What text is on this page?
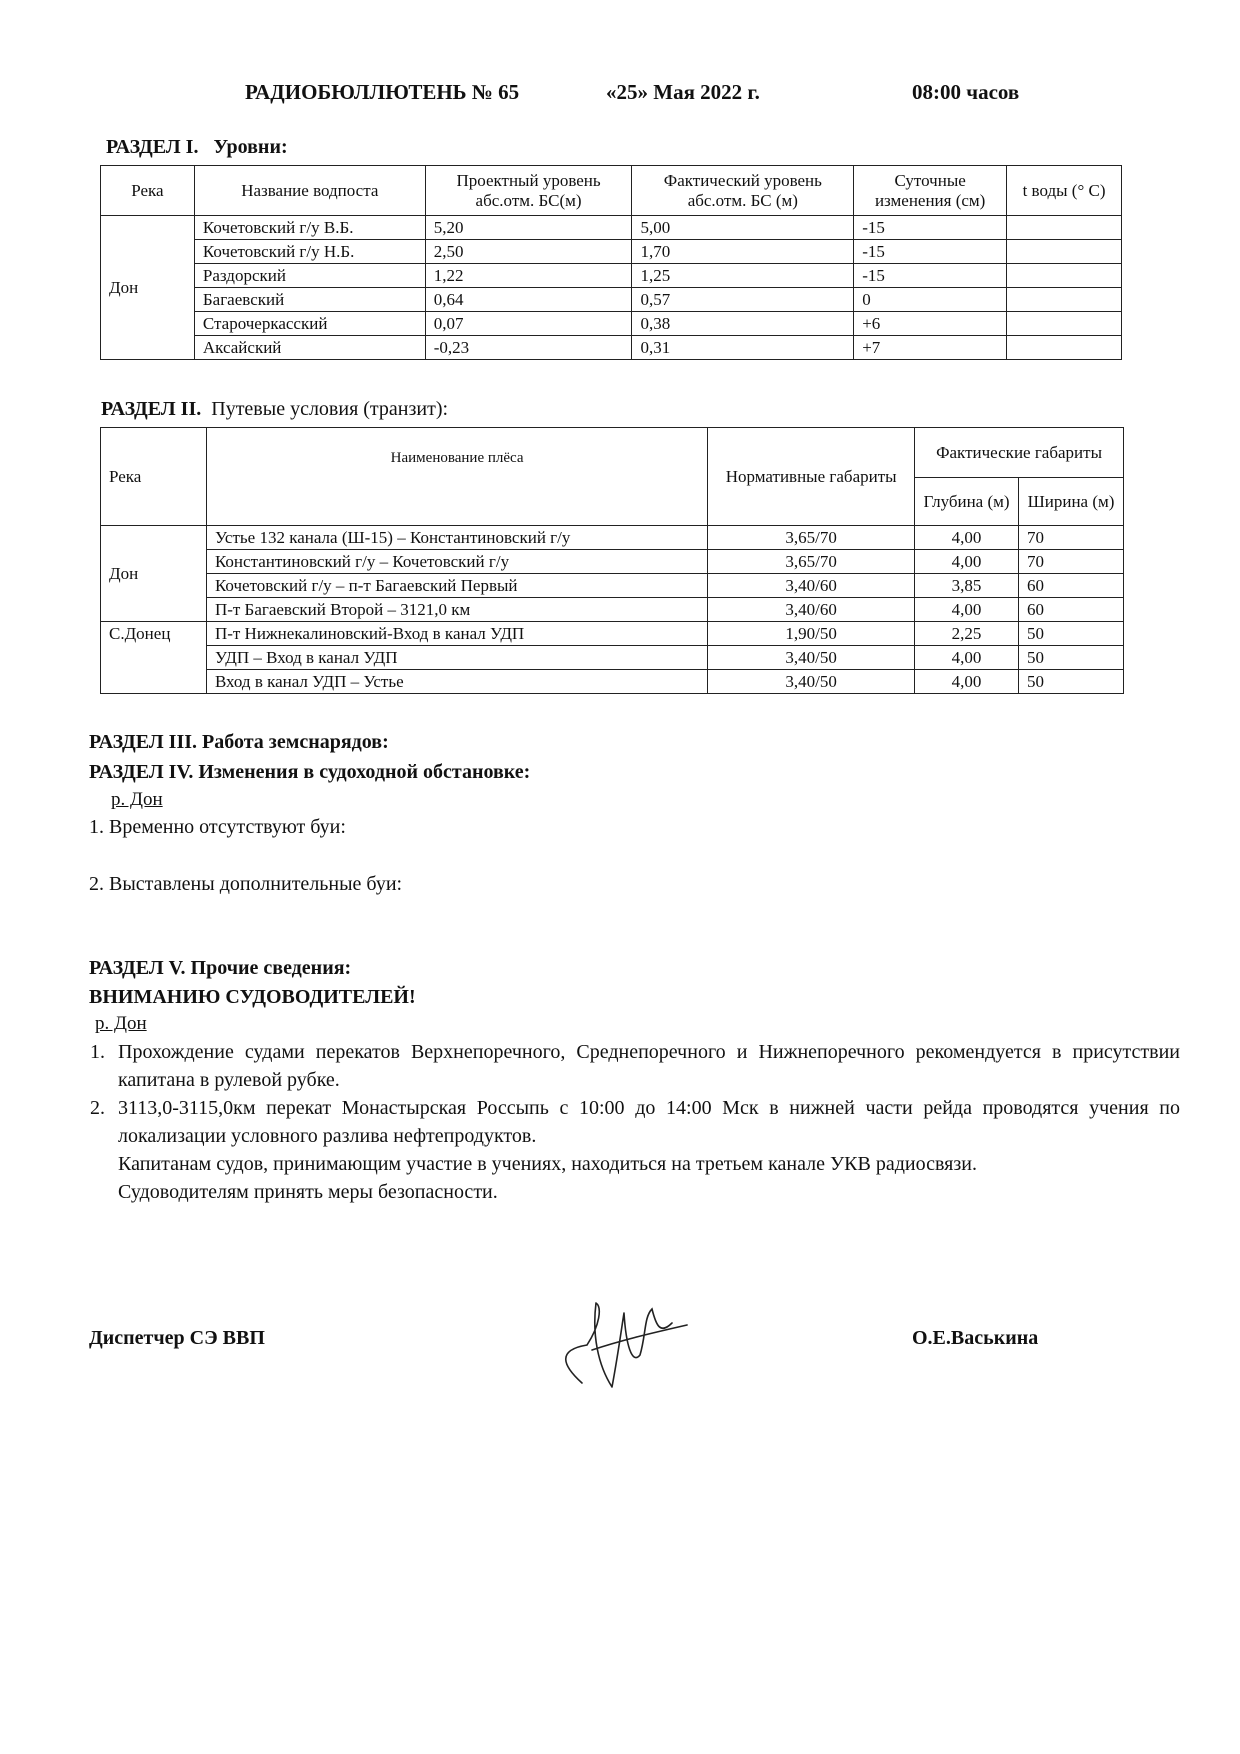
РАДИОБЮЛЛЮТЕНЬ № 65	«25» Мая 2022 г.	08:00 часов
РАЗДЕЛ I. Уровни:
Река	Название водпоста	Проектный уровень абс.отм. БС(м)	Фактический уровень абс.отм. БС (м)	Суточные изменения (см)	t воды (° С)
Дон	Кочетовский г/у В.Б.	5,20	5,00	-15	
	Кочетовский г/у Н.Б.	2,50	1,70	-15	
	Раздорский	1,22	1,25	-15	
	Багаевский	0,64	0,57	0	
	Старочеркасский	0,07	0,38	+6	
	Аксайский	-0,23	0,31	+7	
РАЗДЕЛ II. Путевые условия (транзит):
Река	Наименование плёса	Нормативные габариты	Фактические габариты	
			Глубина (м)	Ширина (м)
Дон	Устье 132 канала (Ш-15) – Константиновский г/у	3,65/70	4,00	70
	Константиновский г/у – Кочетовский г/у	3,65/70	4,00	70
	Кочетовский г/у – п-т Багаевский Первый	3,40/60	3,85	60
	П-т Багаевский Второй – 3121,0 км	3,40/60	4,00	60
С.Донец	П-т Нижнекалиновский-Вход в канал УДП	1,90/50	2,25	50
	УДП – Вход в канал УДП	3,40/50	4,00	50
	Вход в канал УДП – Устье	3,40/50	4,00	50
РАЗДЕЛ III. Работа земснарядов:
РАЗДЕЛ IV. Изменения в судоходной обстановке:
р. Дон
1. Временно отсутствуют буи:
2. Выставлены дополнительные буи:
РАЗДЕЛ V. Прочие сведения:
ВНИМАНИЮ СУДОВОДИТЕЛЕЙ!
р. Дон
1. Прохождение судами перекатов Верхнепоречного, Среднепоречного и Нижнепоречного рекомендуется в присутствии капитана в рулевой рубке.
2. 3113,0-3115,0км перекат Монастырская Россыпь с 10:00 до 14:00 Мск в нижней части рейда проводятся учения по локализации условного разлива нефтепродуктов.
Капитанам судов, принимающим участие в учениях, находиться на третьем канале УКВ радиосвязи.
Судоводителям принять меры безопасности.
Диспетчер СЭ ВВП	О.Е.Васькина
